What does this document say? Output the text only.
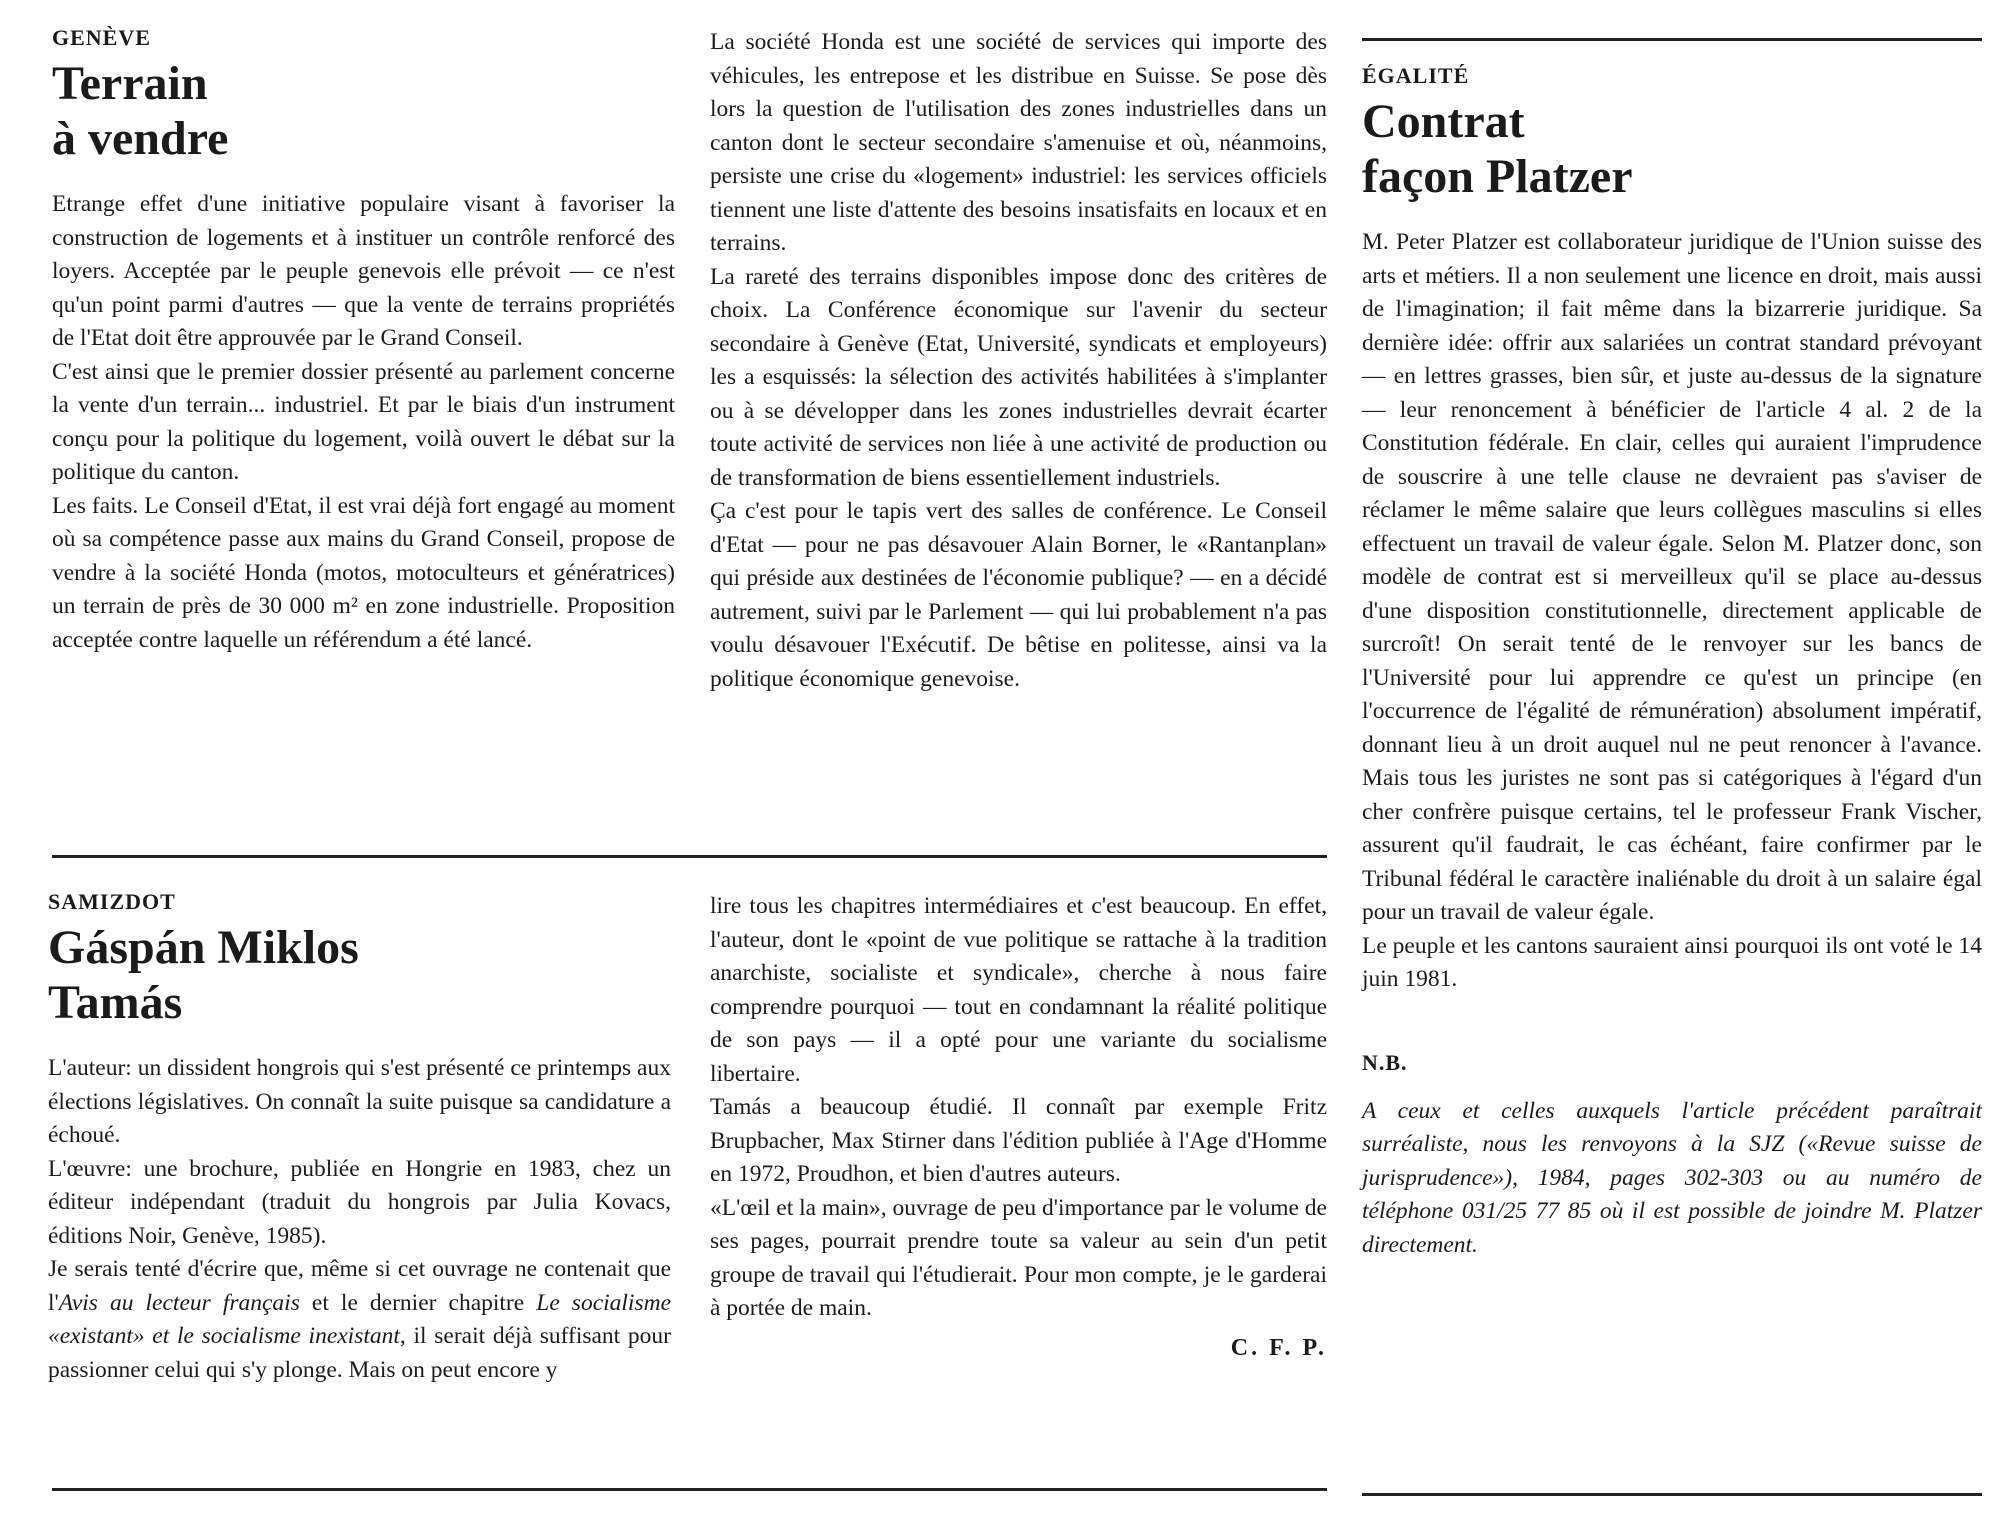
GENÈVE
Terrain
à vendre

Etrange effet d'une initiative populaire visant à favoriser la construction de logements et à instituer un contrôle renforcé des loyers. Acceptée par le peuple genevois elle prévoit — ce n'est qu'un point parmi d'autres — que la vente de terrains propriétés de l'Etat doit être approuvée par le Grand Conseil.

C'est ainsi que le premier dossier présenté au parlement concerne la vente d'un terrain... industriel. Et par le biais d'un instrument conçu pour la politique du logement, voilà ouvert le débat sur la politique du canton.

Les faits. Le Conseil d'Etat, il est vrai déjà fort engagé au moment où sa compétence passe aux mains du Grand Conseil, propose de vendre à la société Honda (motos, motoculteurs et génératrices) un terrain de près de 30 000 m² en zone industrielle. Proposition acceptée contre laquelle un référendum a été lancé.

La société Honda est une société de services qui importe des véhicules, les entrepose et les distribue en Suisse. Se pose dès lors la question de l'utilisation des zones industrielles dans un canton dont le secteur secondaire s'amenuise et où, néanmoins, persiste une crise du «logement» industriel: les services officiels tiennent une liste d'attente des besoins insatisfaits en locaux et en terrains.

La rareté des terrains disponibles impose donc des critères de choix. La Conférence économique sur l'avenir du secteur secondaire à Genève (Etat, Université, syndicats et employeurs) les a esquissés: la sélection des activités habilitées à s'implanter ou à se développer dans les zones industrielles devrait écarter toute activité de services non liée à une activité de production ou de transformation de biens essentiellement industriels.

Ça c'est pour le tapis vert des salles de conférence. Le Conseil d'Etat — pour ne pas désavouer Alain Borner, le «Rantanplan» qui préside aux destinées de l'économie publique? — en a décidé autrement, suivi par le Parlement — qui lui probablement n'a pas voulu désavouer l'Exécutif. De bêtise en politesse, ainsi va la politique économique genevoise.

SAMIZDOT
Gáspán Miklos
Tamás

L'auteur: un dissident hongrois qui s'est présenté ce printemps aux élections législatives. On connaît la suite puisque sa candidature a échoué.

L'œuvre: une brochure, publiée en Hongrie en 1983, chez un éditeur indépendant (traduit du hongrois par Julia Kovacs, éditions Noir, Genève, 1985).

Je serais tenté d'écrire que, même si cet ouvrage ne contenait que l'Avis au lecteur français et le dernier chapitre Le socialisme «existant» et le socialisme inexistant, il serait déjà suffisant pour passionner celui qui s'y plonge. Mais on peut encore y

lire tous les chapitres intermédiaires et c'est beaucoup. En effet, l'auteur, dont le «point de vue politique se rattache à la tradition anarchiste, socialiste et syndicale», cherche à nous faire comprendre pourquoi — tout en condamnant la réalité politique de son pays — il a opté pour une variante du socialisme libertaire.

Tamás a beaucoup étudié. Il connaît par exemple Fritz Brupbacher, Max Stirner dans l'édition publiée à l'Age d'Homme en 1972, Proudhon, et bien d'autres auteurs.

«L'œil et la main», ouvrage de peu d'importance par le volume de ses pages, pourrait prendre toute sa valeur au sein d'un petit groupe de travail qui l'étudierait. Pour mon compte, je le garderai à portée de main.

C. F. P.
ÉGALITÉ
Contrat
façon Platzer

M. Peter Platzer est collaborateur juridique de l'Union suisse des arts et métiers. Il a non seulement une licence en droit, mais aussi de l'imagination; il fait même dans la bizarrerie juridique. Sa dernière idée: offrir aux salariées un contrat standard prévoyant — en lettres grasses, bien sûr, et juste au-dessus de la signature — leur renoncement à bénéficier de l'article 4 al. 2 de la Constitution fédérale. En clair, celles qui auraient l'imprudence de souscrire à une telle clause ne devraient pas s'aviser de réclamer le même salaire que leurs collègues masculins si elles effectuent un travail de valeur égale. Selon M. Platzer donc, son modèle de contrat est si merveilleux qu'il se place au-dessus d'une disposition constitutionnelle, directement applicable de surcroît! On serait tenté de le renvoyer sur les bancs de l'Université pour lui apprendre ce qu'est un principe (en l'occurrence de l'égalité de rémunération) absolument impératif, donnant lieu à un droit auquel nul ne peut renoncer à l'avance. Mais tous les juristes ne sont pas si catégoriques à l'égard d'un cher confrère puisque certains, tel le professeur Frank Vischer, assurent qu'il faudrait, le cas échéant, faire confirmer par le Tribunal fédéral le caractère inaliénable du droit à un salaire égal pour un travail de valeur égale.

Le peuple et les cantons sauraient ainsi pourquoi ils ont voté le 14 juin 1981.

N.B.

A ceux et celles auxquels l'article précédent paraîtrait surréaliste, nous les renvoyons à la SJZ («Revue suisse de jurisprudence»), 1984, pages 302-303 ou au numéro de téléphone 031/25 77 85 où il est possible de joindre M. Platzer directement.
